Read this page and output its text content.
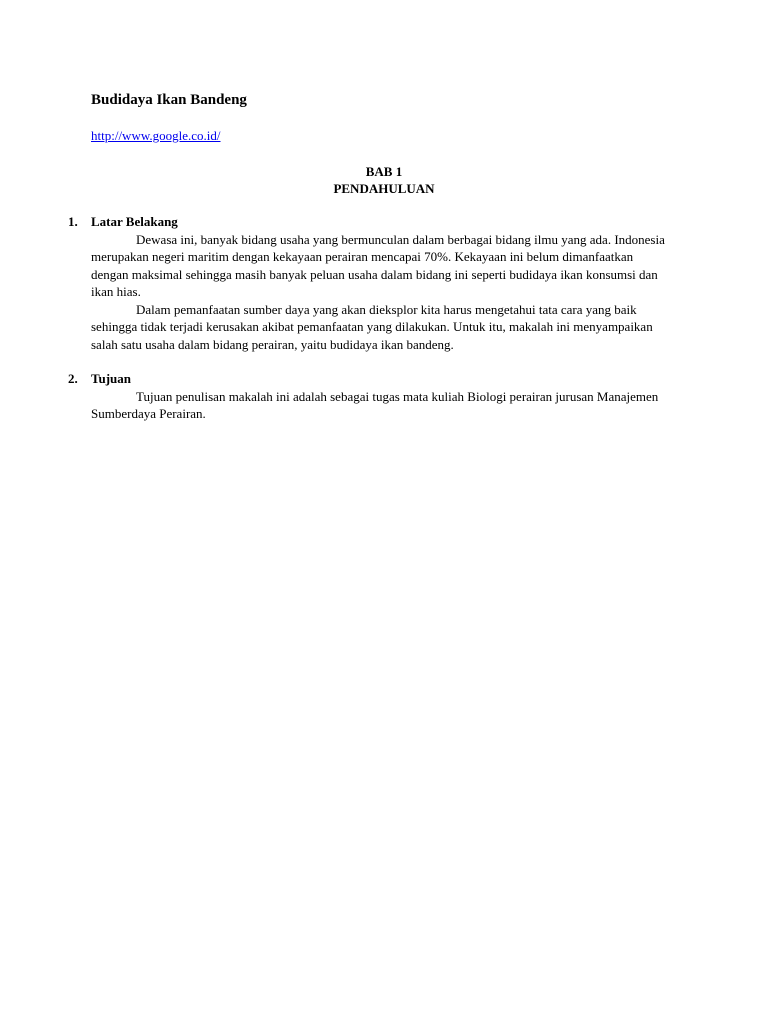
Budidaya Ikan Bandeng
http://www.google.co.id/
BAB 1
PENDAHULUAN
1. Latar Belakang

Dewasa ini, banyak bidang usaha yang bermunculan dalam berbagai bidang ilmu yang ada. Indonesia merupakan negeri maritim dengan kekayaan perairan mencapai 70%. Kekayaan ini belum dimanfaatkan dengan maksimal sehingga masih banyak peluan usaha dalam bidang ini seperti budidaya ikan konsumsi dan ikan hias.

Dalam pemanfaatan sumber daya yang akan dieksplor kita harus mengetahui tata cara yang baik sehingga tidak terjadi kerusakan akibat pemanfaatan yang dilakukan. Untuk itu, makalah ini menyampaikan salah satu usaha dalam bidang perairan, yaitu budidaya ikan bandeng.

2. Tujuan

Tujuan penulisan makalah ini adalah sebagai tugas mata kuliah Biologi perairan jurusan Manajemen Sumberdaya Perairan.
